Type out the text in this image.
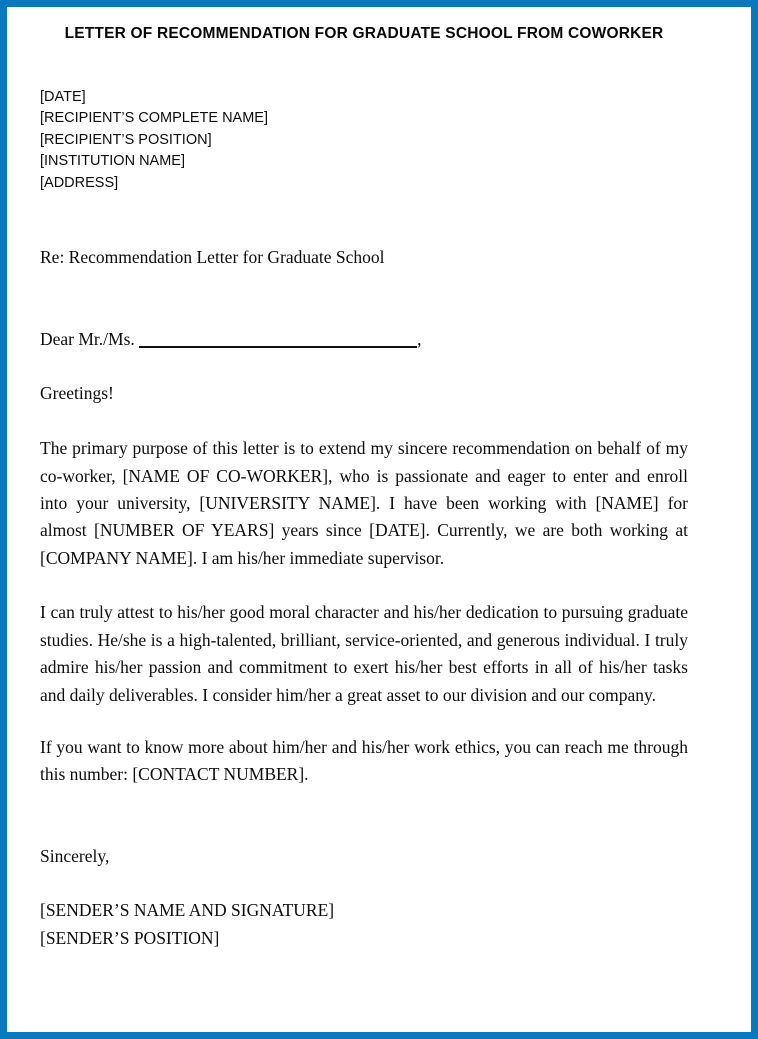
LETTER OF RECOMMENDATION FOR GRADUATE SCHOOL FROM COWORKER
[DATE]
[RECIPIENT’S COMPLETE NAME]
[RECIPIENT’S POSITION]
[INSTITUTION NAME]
[ADDRESS]
Re: Recommendation Letter for Graduate School
Dear Mr./Ms.	,
Greetings!

The primary purpose of this letter is to extend my sincere recommendation on behalf of my co-worker, [NAME OF CO-WORKER], who is passionate and eager to enter and enroll into your university, [UNIVERSITY NAME]. I have been working with [NAME] for almost [NUMBER OF YEARS] years since [DATE]. Currently, we are both working at [COMPANY NAME]. I am his/her immediate supervisor.

I can truly attest to his/her good moral character and his/her dedication to pursuing graduate studies. He/she is a high-talented, brilliant, service-oriented, and generous individual. I truly admire his/her passion and commitment to exert his/her best efforts in all of his/her tasks and daily deliverables. I consider him/her a great asset to our division and our company.

If you want to know more about him/her and his/her work ethics, you can reach me through this number: [CONTACT NUMBER].

Sincerely,
[SENDER’S NAME AND SIGNATURE]
[SENDER’S POSITION]
